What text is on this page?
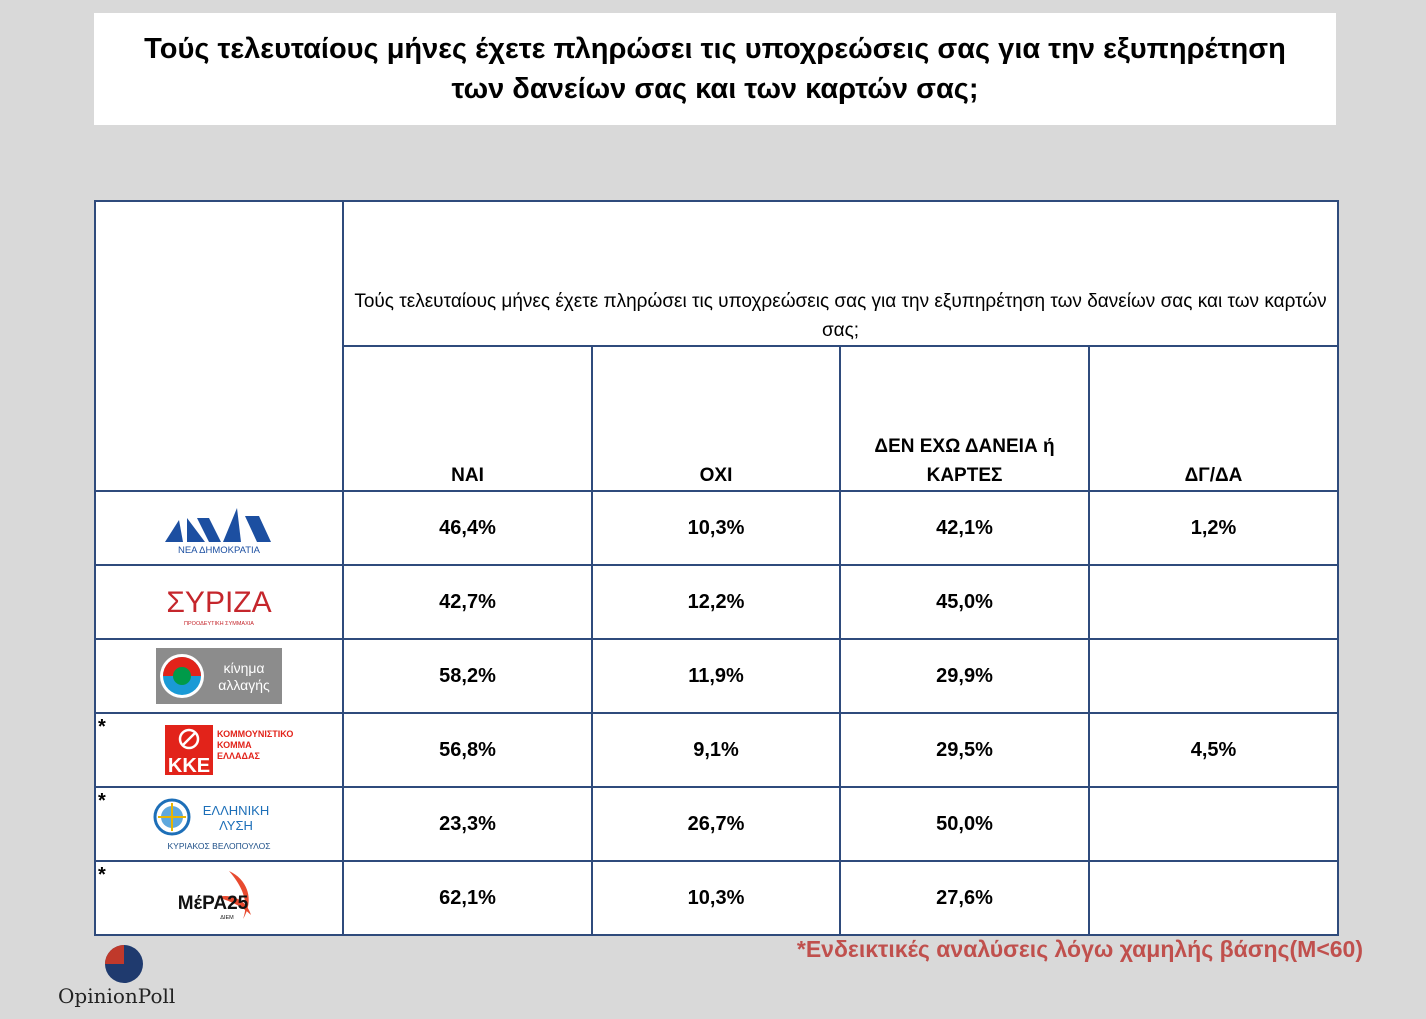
Τούς τελευταίους μήνες έχετε πληρώσει τις υποχρεώσεις σας για την εξυπηρέτηση των δανείων σας και των καρτών σας;
	Τούς τελευταίους μήνες έχετε πληρώσει τις υποχρεώσεις σας για την εξυπηρέτηση των δανείων σας και των καρτών σας;			
	ΝΑΙ	ΟΧΙ	ΔΕΝ ΕΧΩ ΔΑΝΕΙΑ ή ΚΑΡΤΕΣ	ΔΓ/ΔΑ

ΝΕΑ ΔΗΜΟΚΡΑΤΙΑ	46,4%	10,3%	42,1%	1,2%

ΣΥΡΙΖΑ
ΠΡΟΟΔΕΥΤΙΚΗ ΣΥΜΜΑΧΙΑ	42,7%	12,2%	45,0%	

κίνημα
αλλαγής	58,2%	11,9%	29,9%	

*
ΚΚΕ
ΚΟΜΜΟΥΝΙΣΤΙΚΟ
ΚΟΜΜΑ
ΕΛΛΑΔΑΣ	56,8%	9,1%	29,5%	4,5%

* ΕΛΛΗΝΙΚΗ
ΛΥΣΗ
ΚΥΡΙΑΚΟΣ ΒΕΛΟΠΟΥΛΟΣ	23,3%	26,7%	50,0%	

*
ΜέΡΑ25
ΔΙΕΜ	62,1%	10,3%	27,6%	
*Ενδεικτικές αναλύσεις λόγω χαμηλής βάσης(Μ<60)
OpinionPoll
